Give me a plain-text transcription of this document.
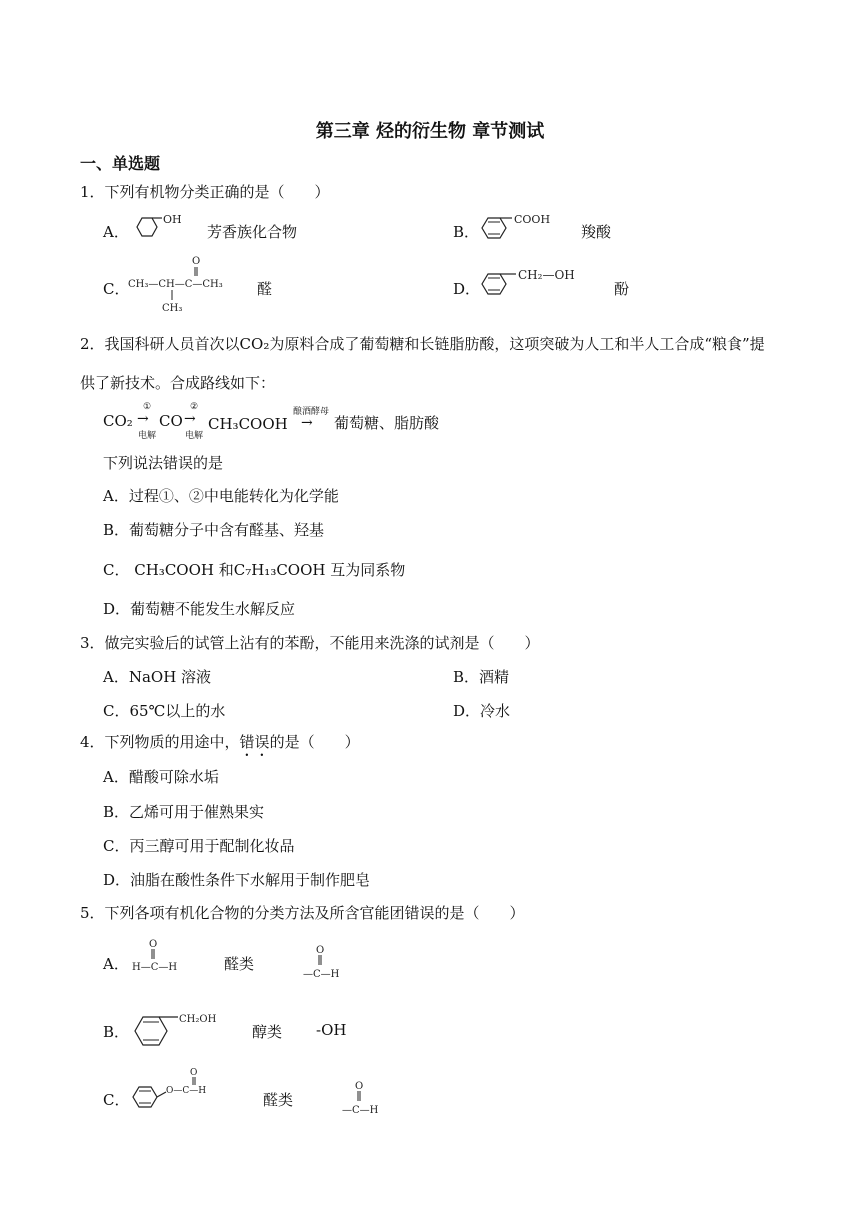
第三章 烃的衍生物 章节测试
一、单选题
1．下列有机物分类正确的是（　　）
A．
OH
芳香族化合物	B．
COOH
羧酸
C．
O
CH₃—CH—C—CH₃
CH₃
醛	D．
CH₂—OH
酚
2．我国科研人员首次以CO₂为原料合成了葡萄糖和长链脂肪酸，这项突破为人工和半人工合成“粮食”提
供了新技术。合成路线如下：
CO₂
①
→
电解
CO
②
→
电解
CH₃COOH
酿酒酵母
→ 葡萄糖、脂肪酸
下列说法错误的是
A．过程①、②中电能转化为化学能
B．葡萄糖分子中含有醛基、羟基
C． CH₃COOH 和C₇H₁₃COOH 互为同系物
D．葡萄糖不能发生水解反应
3．做完实验后的试管上沾有的苯酚，不能用来洗涤的试剂是（　　）
A．NaOH 溶液	B．酒精
C．65℃以上的水	D．冷水
4．下列物质的用途中，错误的是（　　）
A．醋酸可除水垢
B．乙烯可用于催熟果实
C．丙三醇可用于配制化妆品
D．油脂在酸性条件下水解用于制作肥皂
5．下列各项有机化合物的分类方法及所含官能团错误的是（　　）
A．
O
H—C—H	醛类
O
—C—H
B．
CH₂OH
醇类 -OH
C．
O
O—C—H	醛类
O
—C—H
